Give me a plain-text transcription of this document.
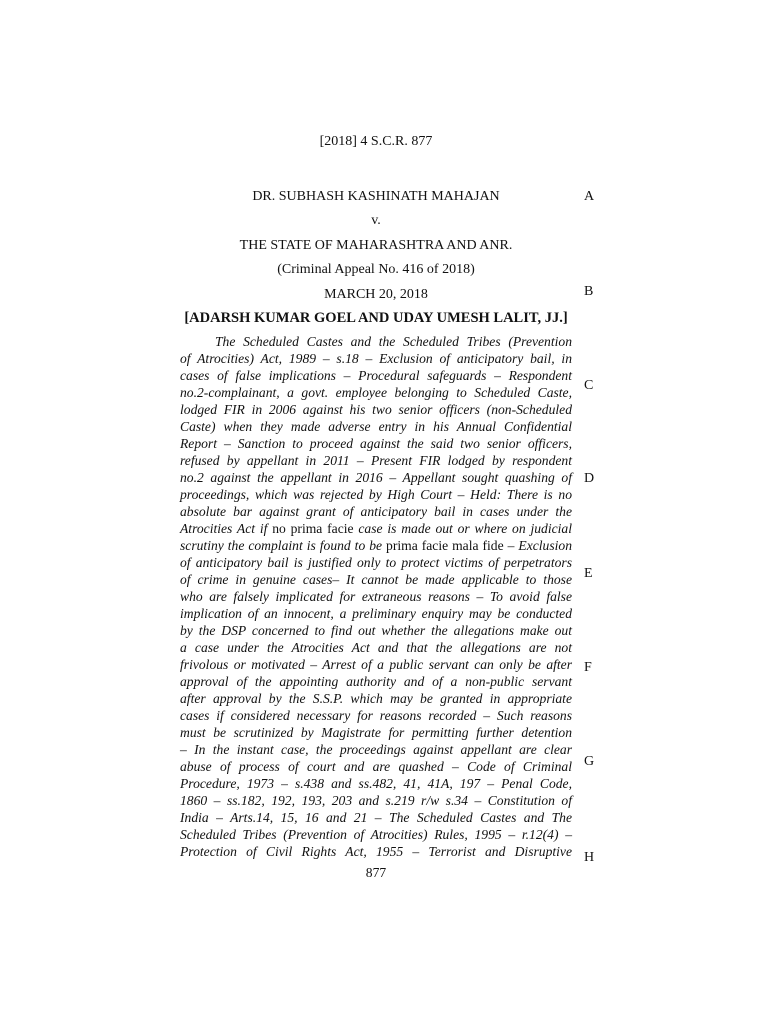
[2018] 4 S.C.R. 877
DR. SUBHASH KASHINATH MAHAJAN
v.
THE STATE OF MAHARASHTRA AND ANR.
(Criminal Appeal No. 416 of 2018)
MARCH 20, 2018
[ADARSH KUMAR GOEL AND UDAY UMESH LALIT, JJ.]
The Scheduled Castes and the Scheduled Tribes (Prevention
of Atrocities) Act, 1989 – s.18 – Exclusion of anticipatory bail, in
cases of false implications – Procedural safeguards – Respondent
no.2-complainant, a govt. employee belonging to Scheduled Caste,
lodged FIR in 2006 against his two senior officers (non-Scheduled
Caste) when they made adverse entry in his Annual Confidential
Report – Sanction to proceed against the said two senior officers,
refused by appellant in 2011 – Present FIR lodged by respondent
no.2 against the appellant in 2016 – Appellant sought quashing of
proceedings, which was rejected by High Court – Held: There is no
absolute bar against grant of anticipatory bail in cases under the
Atrocities Act if no prima facie case is made out or where on judicial
scrutiny the complaint is found to be prima facie mala fide – Exclusion
of anticipatory bail is justified only to protect victims of perpetrators
of crime in genuine cases– It cannot be made applicable to those
who are falsely implicated for extraneous reasons – To avoid false
implication of an innocent, a preliminary enquiry may be conducted
by the DSP concerned to find out whether the allegations make out
a case under the Atrocities Act and that the allegations are not
frivolous or motivated – Arrest of a public servant can only be after
approval of the appointing authority and of a non-public servant
after approval by the S.S.P. which may be granted in appropriate
cases if considered necessary for reasons recorded – Such reasons
must be scrutinized by Magistrate for permitting further detention
– In the instant case, the proceedings against appellant are clear
abuse of process of court and are quashed – Code of Criminal
Procedure, 1973 – s.438 and ss.482, 41, 41A, 197 – Penal Code,
1860 – ss.182, 192, 193, 203 and s.219 r/w s.34 – Constitution of
India – Arts.14, 15, 16 and 21 – The Scheduled Castes and The
Scheduled Tribes (Prevention of Atrocities) Rules, 1995 – r.12(4) –
Protection of Civil Rights Act, 1955 – Terrorist and Disruptive
A
B
C
D
E
F
G
H
877
